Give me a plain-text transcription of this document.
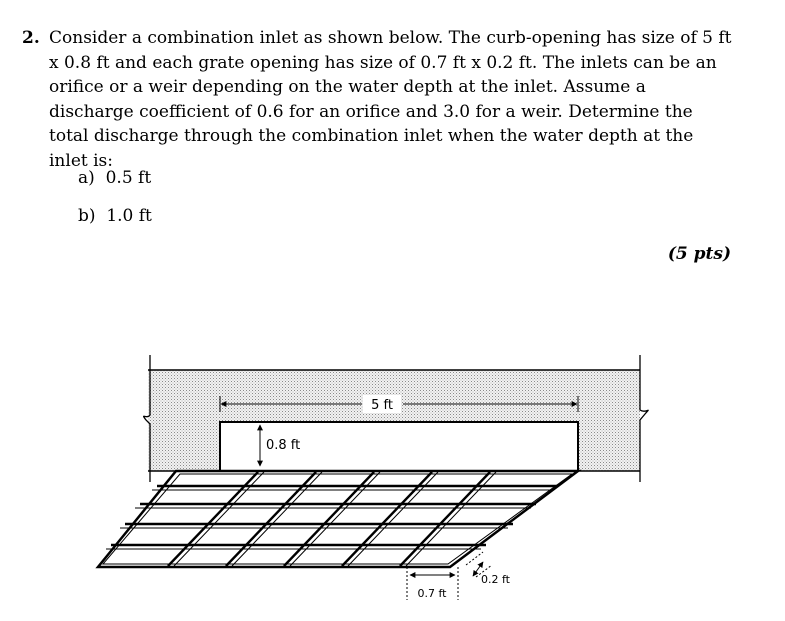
2. Consider a combination inlet as shown below. The curb-opening has size of 5 ft x 0.8 ft and each grate opening has size of 0.7 ft x 0.2 ft. The inlets can be an orifice or a weir depending on the water depth at the inlet. Assume a discharge coefficient of 0.6 for an orifice and 3.0 for a weir. Determine the total discharge through the combination inlet when the water depth at the inlet is:
a) 0.5 ft
b) 1.0 ft
(5 pts)
5 ft
0.8 ft
0.7 ft
0.2 ft
